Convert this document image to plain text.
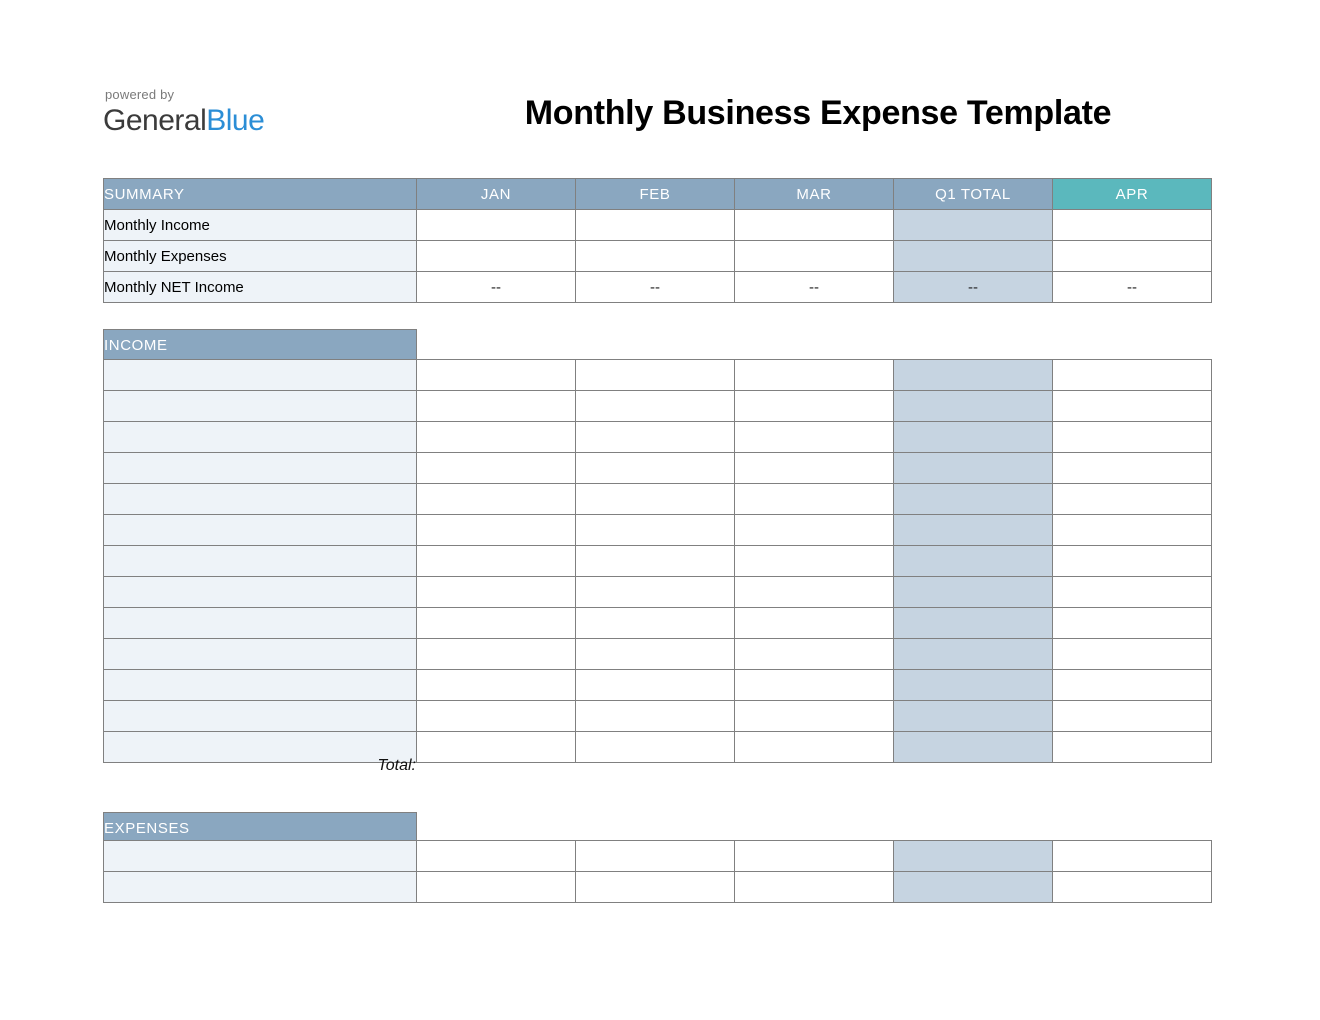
powered by
GeneralBlue	Monthly Business Expense Template
SUMMARY	JAN	FEB	MAR	Q1 TOTAL	APR
Monthly Income					
Monthly Expenses					
Monthly NET Income	--	--	--	--	--
INCOME

Total:
EXPENSES
